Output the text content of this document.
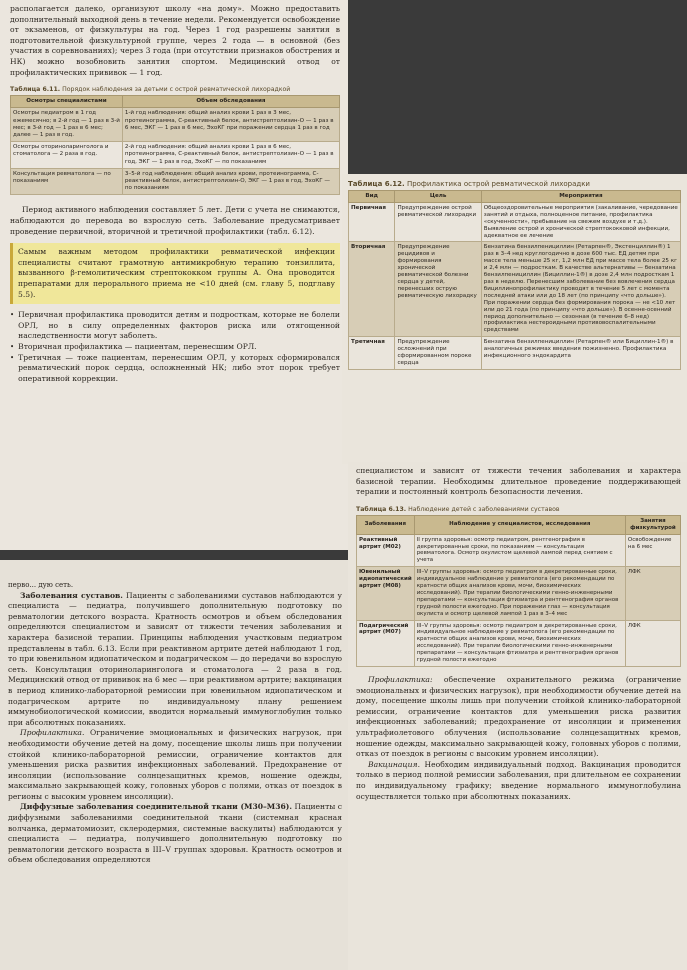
располагается далеко, организуют школу «на дому». Можно предоставить дополнительный выходной день в течение недели. Рекомендуется освобождение от экзаменов, от физкультуры на год. Через 1 год разрешены занятия в подготовительной физкультурной группе, через 2 года — в основной (без участия в соревнованиях); через 3 года (при отсутствии признаков обострения и НК) можно возобновить занятия спортом. Медицинский отвод от профилактических прививок — 1 год.

Таблица 6.11. Порядок наблюдения за детьми с острой ревматической лихорадкой
Осмотры специалистами	Объем обследования
Осмотры педиатром в 1 год ежемесячно; в 2-й год — 1 раз в 3-й мес; в 3-й год — 1 раз в 6 мес; далее — 1 раз в год.	1-й год наблюдения: общий анализ крови 1 раз в 3 мес, протеинограмма, С-реактивный белок, антистрептолизин-О — 1 раз в 6 мес, ЭКГ — 1 раз в 6 мес, ЭхоКГ при поражении сердца 1 раз в год
Осмотры оториноларинголога и стоматолога — 2 раза в год.	2-й год наблюдения: общий анализ крови 1 раз в 6 мес, протеинограмма, С-реактивный белок, антистрептолизин-О — 1 раз в год, ЭКГ — 1 раз в год, ЭхоКГ — по показаниям
Консультация ревматолога — по показаниям	3–5-й год наблюдения: общий анализ крови, протеинограмма, С-реактивный белок, антистрептолизин-О, ЭКГ — 1 раз в год, ЭхоКГ — по показаниям

Период активного наблюдения составляет 5 лет. Дети с учета не снимаются, наблюдаются до перевода во взрослую сеть. Заболевание предусматривает проведение первичной, вторичной и третичной профилактики (табл. 6.12).

Самым важным методом профилактики ревматической инфекции специалисты считают грамотную антимикробную терапию тонзиллита, вызванного β-гемолитическим стрептококком группы А. Она проводится препаратами для перорального приема не <10 дней (см. главу 5, подглаву 5.5).
• Первичная профилактика проводится детям и подросткам, которые не болели ОРЛ, но в силу определенных факторов риска или отягощенной наследственности могут заболеть.
• Вторичная профилактика — пациентам, перенесшим ОРЛ.
• Третичная — тоже пациентам, перенесшим ОРЛ, у которых сформировался ревматический порок сердца, осложненный НК; либо этот порок требует оперативной коррекции.
Таблица 6.12. Профилактика острой ревматической лихорадки
Вид	Цель	Мероприятия
Первичная	Предупреждение острой ревматической лихорадки	Общеоздоровительные мероприятия (закаливание, чередование занятий и отдыха, полноценное питание, профилактика «скученности», пребывание на свежем воздухе и т.д.). Выявление острой и хронической стрептококковой инфекции, адекватное ее лечение
Вторичная	Предупреждение рецидивов и формирования хронической ревматической болезни сердца у детей, перенесших острую ревматическую лихорадку	Бензатина бензилпенициллин (Ретарпен®, Экстенциллин®) 1 раз в 3–4 нед круглогодично в дозе 600 тыс. ЕД детям при массе тела меньше 25 кг, 1,2 млн ЕД при массе тела более 25 кг и 2,4 млн — подросткам. В качестве альтернативы — бензатина бензилпенициллин (Бициллин-1®) в дозе 2,4 млн подросткам 1 раз в неделю. Перенесшим заболевание без вовлечения сердца бициллинопрофилактику проводят в течение 5 лет с момента последней атаки или до 18 лет (по принципу «что дольше»). При поражении сердца без формирования порока — не <10 лет или до 21 года (по принципу «что дольше»). В осенне-осенний период дополнительно — сезонная (в течение 6–8 нед) профилактика нестероидными противовоспалительными средствами
Третичная	Предупреждение осложнений при сформированном пороке сердца	Бензатина бензилпенициллин (Ретарпен® или Бициллин-1®) в аналогичных режимах введения пожизненно. Профилактика инфекционного эндокардита

перво... дую сеть.

Заболевания суставов. Пациенты с заболеваниями суставов наблюдаются у специалиста — педиатра, получившего дополнительную подготовку по ревматологии детского возраста. Кратность осмотров и объем обследования определяются специалистом и зависят от тяжести течения заболевания и характера базисной терапии. Принципы наблюдения участковым педиатром представлены в табл. 6.13. Если при реактивном артрите детей наблюдают 1 год, то при ювенильном идиопатическом и подагрическом — до передачи во взрослую сеть. Консультация оториноларинголога и стоматолога — 2 раза в год. Медицинский отвод от прививок на 6 мес — при реактивном артрите; вакцинация в период клинико-лабораторной ремиссии при ювенильном идиопатическом и подагрическом артрите по индивидуальному плану решением иммунобиологической комиссии, вводится нормальный иммуноглобулин только при абсолютных показаниях.

Профилактика. Ограничение эмоциональных и физических нагрузок, при необходимости обучение детей на дому, посещение школы лишь при получении стойкой клинико-лабораторной ремиссии, ограничение контактов для уменьшения риска развития инфекционных заболеваний. Предохранение от инсоляции (использование солнцезащитных кремов, ношение одежды, максимально закрывающей кожу, головных уборов с полями, отказ от поездок в регионы с высоким уровнем инсоляции).

Диффузные заболевания соединительной ткани (М30–М36). Пациенты с диффузными заболеваниями соединительной ткани (системная красная волчанка, дерматомиозит, склеродермия, системные васкулиты) наблюдаются у специалиста — педиатра, получившего дополнительную подготовку по ревматологии детского возраста в III–V группах здоровья. Кратность осмотров и объем обследования определяются

специалистом и зависят от тяжести течения заболевания и характера базисной терапии. Необходимы длительное проведение поддерживающей терапии и постоянный контроль безопасности лечения.

Таблица 6.13. Наблюдение детей с заболеваниями суставов
Заболевания	Наблюдение у специалистов, исследования	Занятия физкультурой
Реактивный артрит (М02)	II группа здоровья: осмотр педиатром, рентгенография в декретированные сроки, по показаниям — консультация ревматолога. Осмотр окулистом щелевой лампой перед снятием с учета	Освобождение на 6 мес
Ювенильный идиопатический артрит (М08)	III–V группы здоровья: осмотр педиатром в декретированные сроки, индивидуальное наблюдение у ревматолога (его рекомендации по кратности общих анализов крови, мочи, биохимических исследований). При терапии биологическими генно-инженерными препаратами — консультация фтизиатра и рентгенография органов грудной полости ежегодно. При поражении глаз — консультация окулиста и осмотр щелевой лампой 1 раз в 3–4 мес	ЛФК
Подагрический артрит (М07)	III–V группы здоровья: осмотр педиатром в декретированные сроки, индивидуальное наблюдение у ревматолога (его рекомендации по кратности общих анализов крови, мочи, биохимических исследований). При терапии биологическими генно-инженерными препаратами — консультация фтизиатра и рентгенография органов грудной полости ежегодно	ЛФК

Профилактика: обеспечение охранительного режима (ограничение эмоциональных и физических нагрузок), при необходимости обучение детей на дому, посещение школы лишь при получении стойкой клинико-лабораторной ремиссии, ограничение контактов для уменьшения риска развития инфекционных заболеваний; предохранение от инсоляции и применения ультрафиолетового облучения (использование солнцезащитных кремов, ношение одежды, максимально закрывающей кожу, головных уборов с полями, отказ от поездок в регионы с высоким уровнем инсоляции).

Вакцинация. Необходим индивидуальный подход. Вакцинация проводится только в период полной ремиссии заболевания, при длительном ее сохранении по индивидуальному графику; введение нормального иммуноглобулина осуществляется только при абсолютных показаниях.
